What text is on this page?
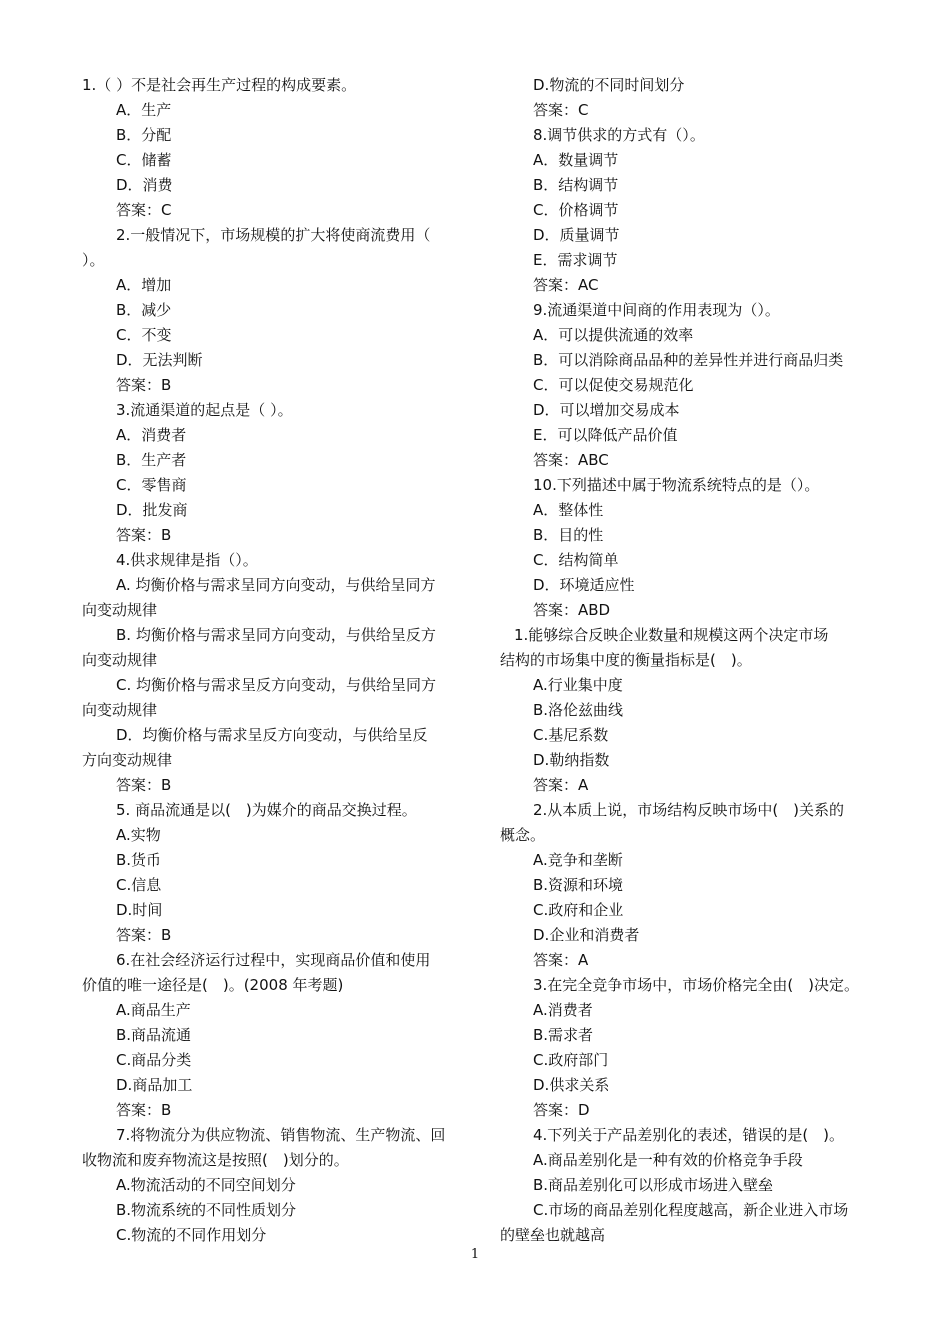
1.（ ）不是社会再生产过程的构成要素。
A．生产
B．分配
C．储蓄
D．消费
答案：C
2.一般情况下，市场规模的扩大将使商流费用（
）。
A．增加
B．减少
C．不变
D．无法判断
答案：B
3.流通渠道的起点是（ ）。
A．消费者
B．生产者
C．零售商
D．批发商
答案：B
4.供求规律是指（）。
A. 均衡价格与需求呈同方向变动，与供给呈同方
向变动规律
B. 均衡价格与需求呈同方向变动，与供给呈反方
向变动规律
C. 均衡价格与需求呈反方向变动，与供给呈同方
向变动规律
D．均衡价格与需求呈反方向变动，与供给呈反
方向变动规律
答案：B
5. 商品流通是以(　)为媒介的商品交换过程。
A.实物
B.货币
C.信息
D.时间
答案：B
6.在社会经济运行过程中，实现商品价值和使用
价值的唯一途径是(　)。(2008 年考题)
A.商品生产
B.商品流通
C.商品分类
D.商品加工
答案：B
7.将物流分为供应物流、销售物流、生产物流、回
收物流和废弃物流这是按照(　)划分的。
A.物流活动的不同空间划分
B.物流系统的不同性质划分
C.物流的不同作用划分
D.物流的不同时间划分
答案：C
8.调节供求的方式有（）。
A．数量调节
B．结构调节
C．价格调节
D．质量调节
E．需求调节
答案：AC
9.流通渠道中间商的作用表现为（）。
A．可以提供流通的效率
B．可以消除商品品种的差异性并进行商品归类
C．可以促使交易规范化
D．可以增加交易成本
E．可以降低产品价值
答案：ABC
10.下列描述中属于物流系统特点的是（）。
A．整体性
B．目的性
C．结构简单
D．环境适应性
答案：ABD
1.能够综合反映企业数量和规模这两个决定市场
结构的市场集中度的衡量指标是(　)。
A.行业集中度
B.洛伦兹曲线
C.基尼系数
D.勒纳指数
答案：A
2.从本质上说，市场结构反映市场中(　)关系的
概念。
A.竞争和垄断
B.资源和环境
C.政府和企业
D.企业和消费者
答案：A
3.在完全竞争市场中，市场价格完全由(　)决定。
A.消费者
B.需求者
C.政府部门
D.供求关系
答案：D
4.下列关于产品差别化的表述，错误的是(　)。
A.商品差别化是一种有效的价格竞争手段
B.商品差别化可以形成市场进入壁垒
C.市场的商品差别化程度越高，新企业进入市场
的壁垒也就越高
1
